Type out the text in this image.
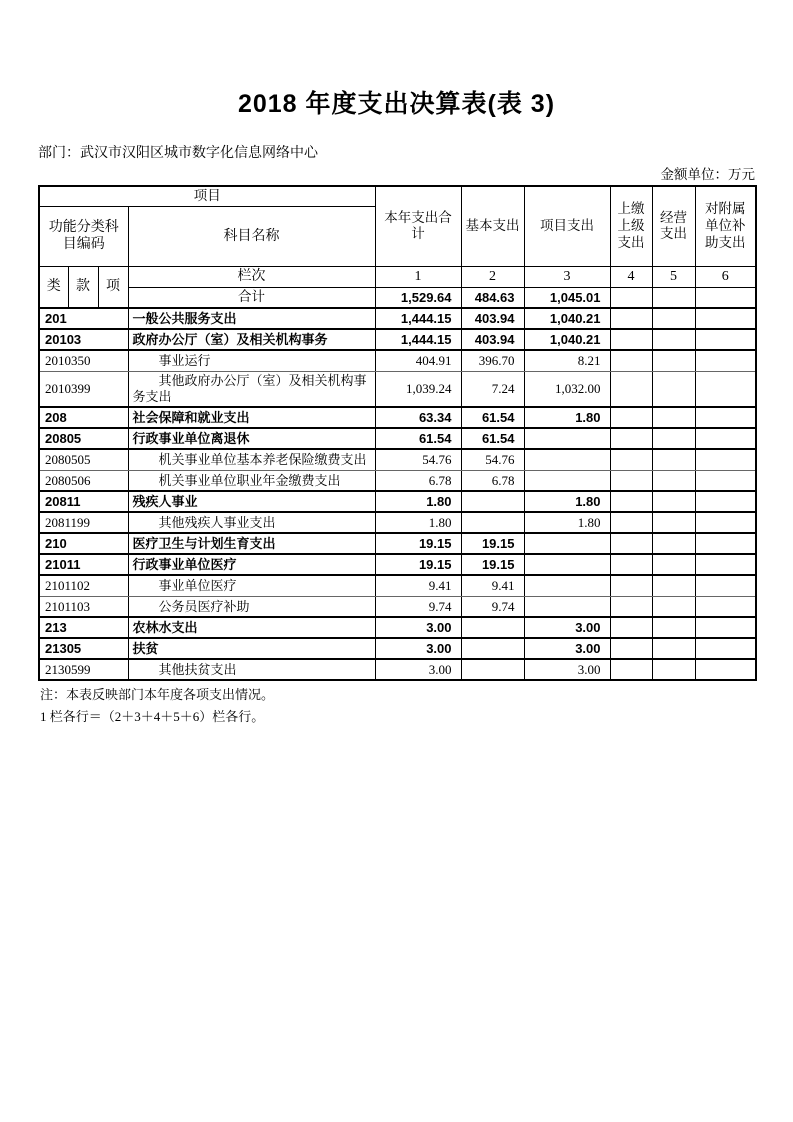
2018 年度支出决算表(表 3)
部门：武汉市汉阳区城市数字化信息网络中心
金额单位：万元
项目				本年支出合计	基本支出	项目支出	上缴上级支出	经营支出	对附属单位补助支出
功能分类科目编码			科目名称						
类	款	项	栏次	1	2	3	4	5	6
			合计	1,529.64	484.63	1,045.01			
201			一般公共服务支出	1,444.15	403.94	1,040.21			
20103			政府办公厅（室）及相关机构事务	1,444.15	403.94	1,040.21			
2010350			事业运行	404.91	396.70	8.21			
2010399			其他政府办公厅（室）及相关机构事务支出	1,039.24	7.24	1,032.00			
208			社会保障和就业支出	63.34	61.54	1.80			
20805			行政事业单位离退休	61.54	61.54				
2080505			机关事业单位基本养老保险缴费支出	54.76	54.76				
2080506			机关事业单位职业年金缴费支出	6.78	6.78				
20811			残疾人事业	1.80		1.80			
2081199			其他残疾人事业支出	1.80		1.80			
210			医疗卫生与计划生育支出	19.15	19.15				
21011			行政事业单位医疗	19.15	19.15				
2101102			事业单位医疗	9.41	9.41				
2101103			公务员医疗补助	9.74	9.74				
213			农林水支出	3.00		3.00			
21305			扶贫	3.00		3.00			
2130599			其他扶贫支出	3.00		3.00			

注：本表反映部门本年度各项支出情况。

1 栏各行＝（2＋3＋4＋5＋6）栏各行。
